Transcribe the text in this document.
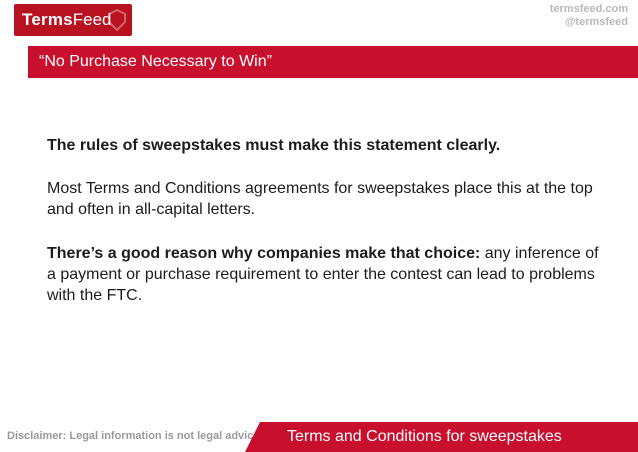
Terms Feed
termsfeed.com
@termsfeed
“No Purchase Necessary to Win”

The rules of sweepstakes must make this statement clearly.

Most Terms and Conditions agreements for sweepstakes place this at the top and often in all-capital letters.

There’s a good reason why companies make that choice: any inference of a payment or purchase requirement to enter the contest can lead to problems with the FTC.

Disclaimer: Legal information is not legal advice Terms and Conditions for sweepstakes
